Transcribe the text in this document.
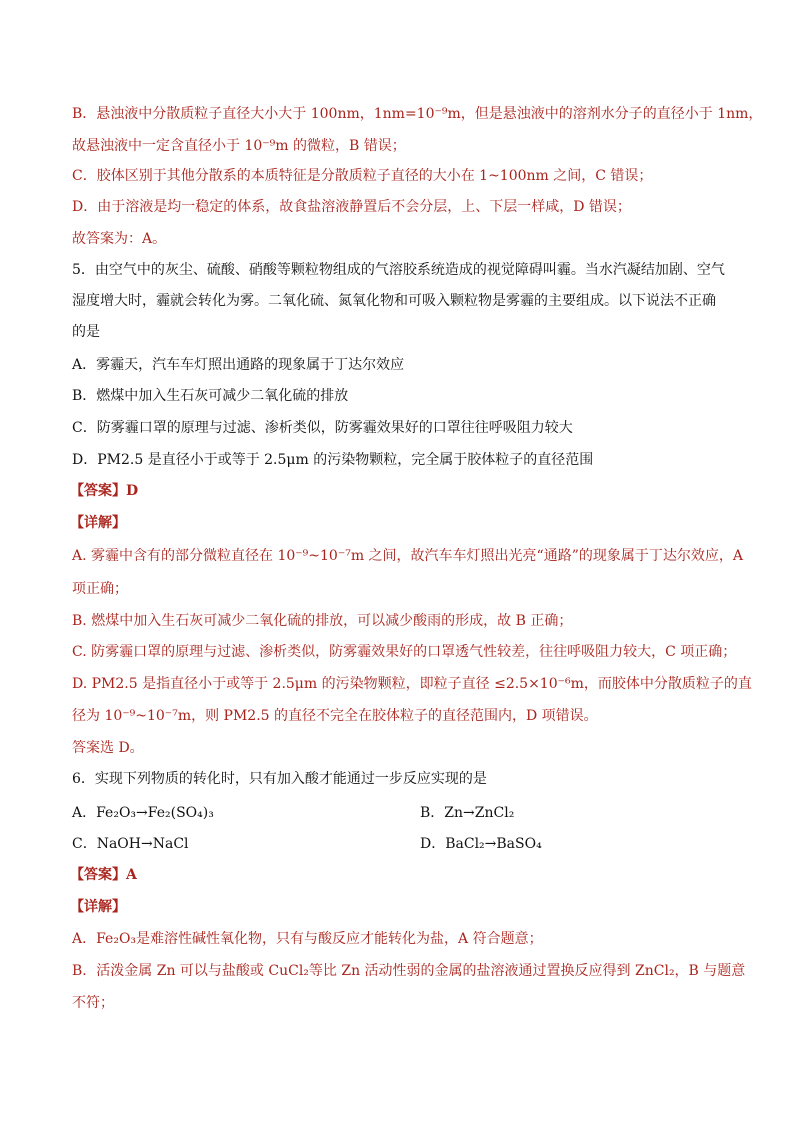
B．悬浊液中分散质粒子直径大小大于 100nm，1nm=10⁻⁹m，但是悬浊液中的溶剂水分子的直径小于 1nm，
故悬浊液中一定含直径小于 10⁻⁹m 的微粒，B 错误；
C．胶体区别于其他分散系的本质特征是分散质粒子直径的大小在 1~100nm 之间，C 错误；
D．由于溶液是均一稳定的体系，故食盐溶液静置后不会分层，上、下层一样咸，D 错误；
故答案为：A。
5．由空气中的灰尘、硫酸、硝酸等颗粒物组成的气溶胶系统造成的视觉障碍叫霾。当水汽凝结加剧、空气
湿度增大时，霾就会转化为雾。二氧化硫、氮氧化物和可吸入颗粒物是雾霾的主要组成。以下说法不正确
的是
A．雾霾天，汽车车灯照出通路的现象属于丁达尔效应
B．燃煤中加入生石灰可减少二氧化硫的排放
C．防雾霾口罩的原理与过滤、渗析类似，防雾霾效果好的口罩往往呼吸阻力较大
D．PM2.5 是直径小于或等于 2.5μm 的污染物颗粒，完全属于胶体粒子的直径范围
【答案】D
【详解】
A. 雾霾中含有的部分微粒直径在 10⁻⁹~10⁻⁷m 之间，故汽车车灯照出光亮“通路”的现象属于丁达尔效应，A
项正确；
B. 燃煤中加入生石灰可减少二氧化硫的排放，可以减少酸雨的形成，故 B 正确；
C. 防雾霾口罩的原理与过滤、渗析类似，防雾霾效果好的口罩透气性较差，往往呼吸阻力较大，C 项正确；
D. PM2.5 是指直径小于或等于 2.5μm 的污染物颗粒，即粒子直径 ≤2.5×10⁻⁶m，而胶体中分散质粒子的直
径为 10⁻⁹~10⁻⁷m，则 PM2.5 的直径不完全在胶体粒子的直径范围内，D 项错误。
答案选 D。
6．实现下列物质的转化时，只有加入酸才能通过一步反应实现的是
A．Fe₂O₃→Fe₂(SO₄)₃	B．Zn→ZnCl₂
C．NaOH→NaCl	D．BaCl₂→BaSO₄
【答案】A
【详解】
A．Fe₂O₃是难溶性碱性氧化物，只有与酸反应才能转化为盐，A 符合题意；
B．活泼金属 Zn 可以与盐酸或 CuCl₂等比 Zn 活动性弱的金属的盐溶液通过置换反应得到 ZnCl₂，B 与题意
不符；
